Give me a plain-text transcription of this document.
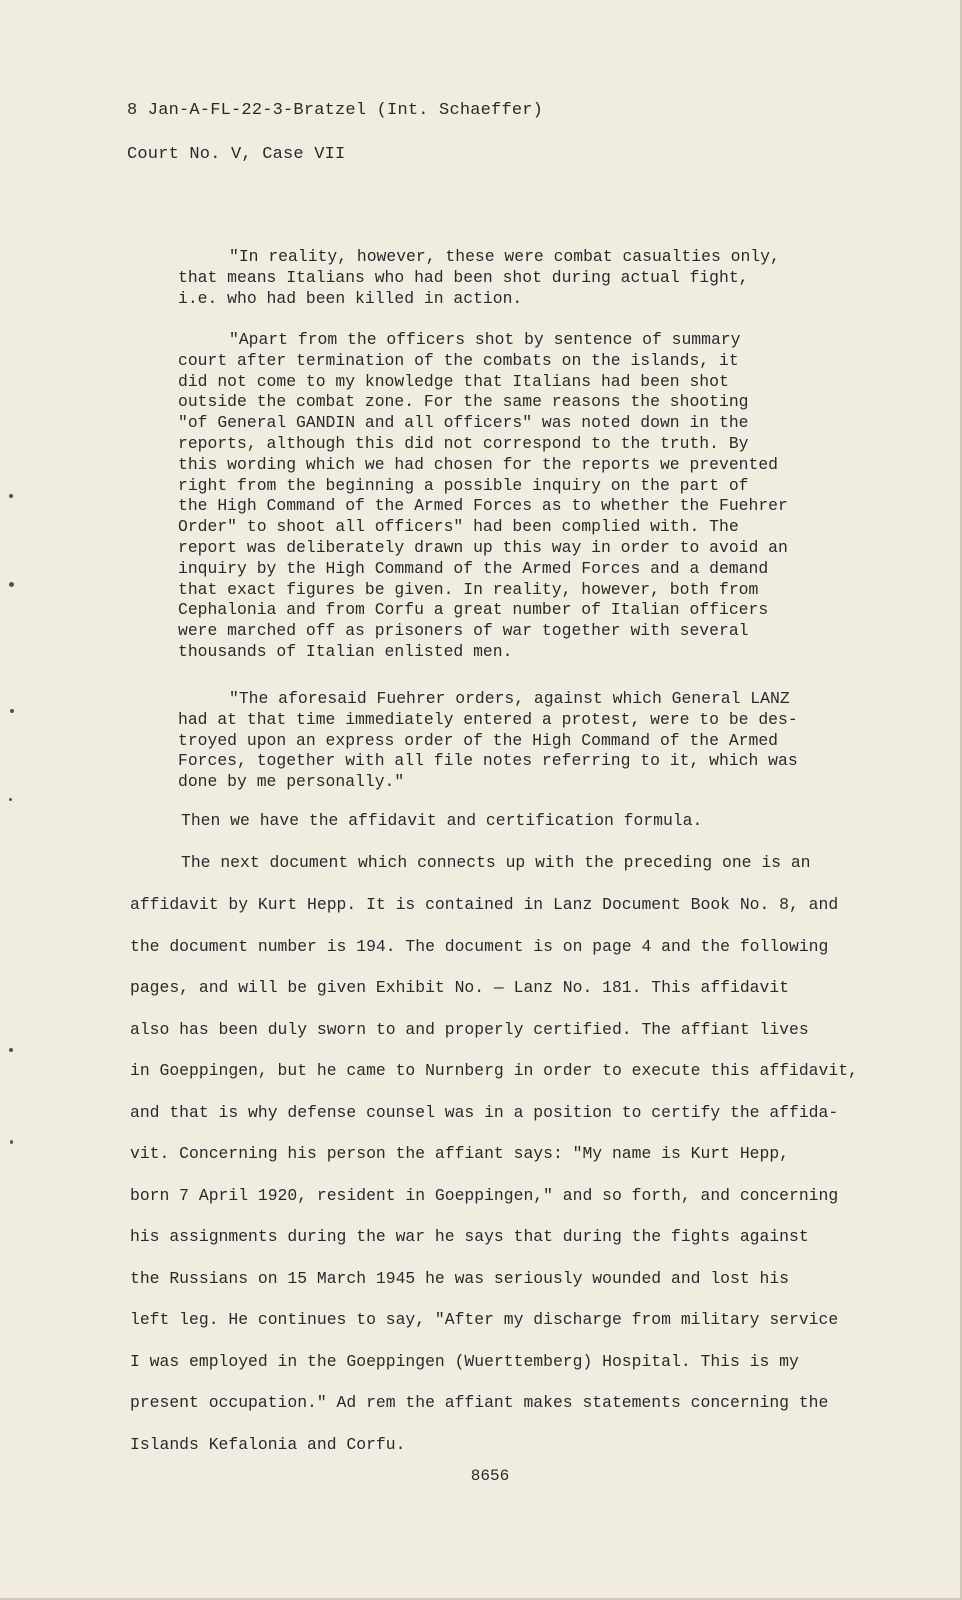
8 Jan-A-FL-22-3-Bratzel (Int. Schaeffer)
Court No. V, Case VII
"In reality, however, these were combat casualties only,
that means Italians who had been shot during actual fight,
i.e. who had been killed in action.
"Apart from the officers shot by sentence of summary
court after termination of the combats on the islands, it
did not come to my knowledge that Italians had been shot
outside the combat zone. For the same reasons the shooting
"of General GANDIN and all officers" was noted down in the
reports, although this did not correspond to the truth. By
this wording which we had chosen for the reports we prevented
right from the beginning a possible inquiry on the part of
the High Command of the Armed Forces as to whether the Fuehrer
Order" to shoot all officers" had been complied with. The
report was deliberately drawn up this way in order to avoid an
inquiry by the High Command of the Armed Forces and a demand
that exact figures be given. In reality, however, both from
Cephalonia and from Corfu a great number of Italian officers
were marched off as prisoners of war together with several
thousands of Italian enlisted men.
"The aforesaid Fuehrer orders, against which General LANZ
had at that time immediately entered a protest, were to be des-
troyed upon an express order of the High Command of the Armed
Forces, together with all file notes referring to it, which was
done by me personally."
Then we have the affidavit and certification formula.
The next document which connects up with the preceding one is an
affidavit by Kurt Hepp. It is contained in Lanz Document Book No. 8, and
the document number is 194. The document is on page 4 and the following
pages, and will be given Exhibit No. — Lanz No. 181. This affidavit
also has been duly sworn to and properly certified. The affiant lives
in Goeppingen, but he came to Nurnberg in order to execute this affidavit,
and that is why defense counsel was in a position to certify the affida-
vit. Concerning his person the affiant says: "My name is Kurt Hepp,
born 7 April 1920, resident in Goeppingen," and so forth, and concerning
his assignments during the war he says that during the fights against
the Russians on 15 March 1945 he was seriously wounded and lost his
left leg. He continues to say, "After my discharge from military service
I was employed in the Goeppingen (Wuerttemberg) Hospital. This is my
present occupation." Ad rem the affiant makes statements concerning the
Islands Kefalonia and Corfu.
8656
